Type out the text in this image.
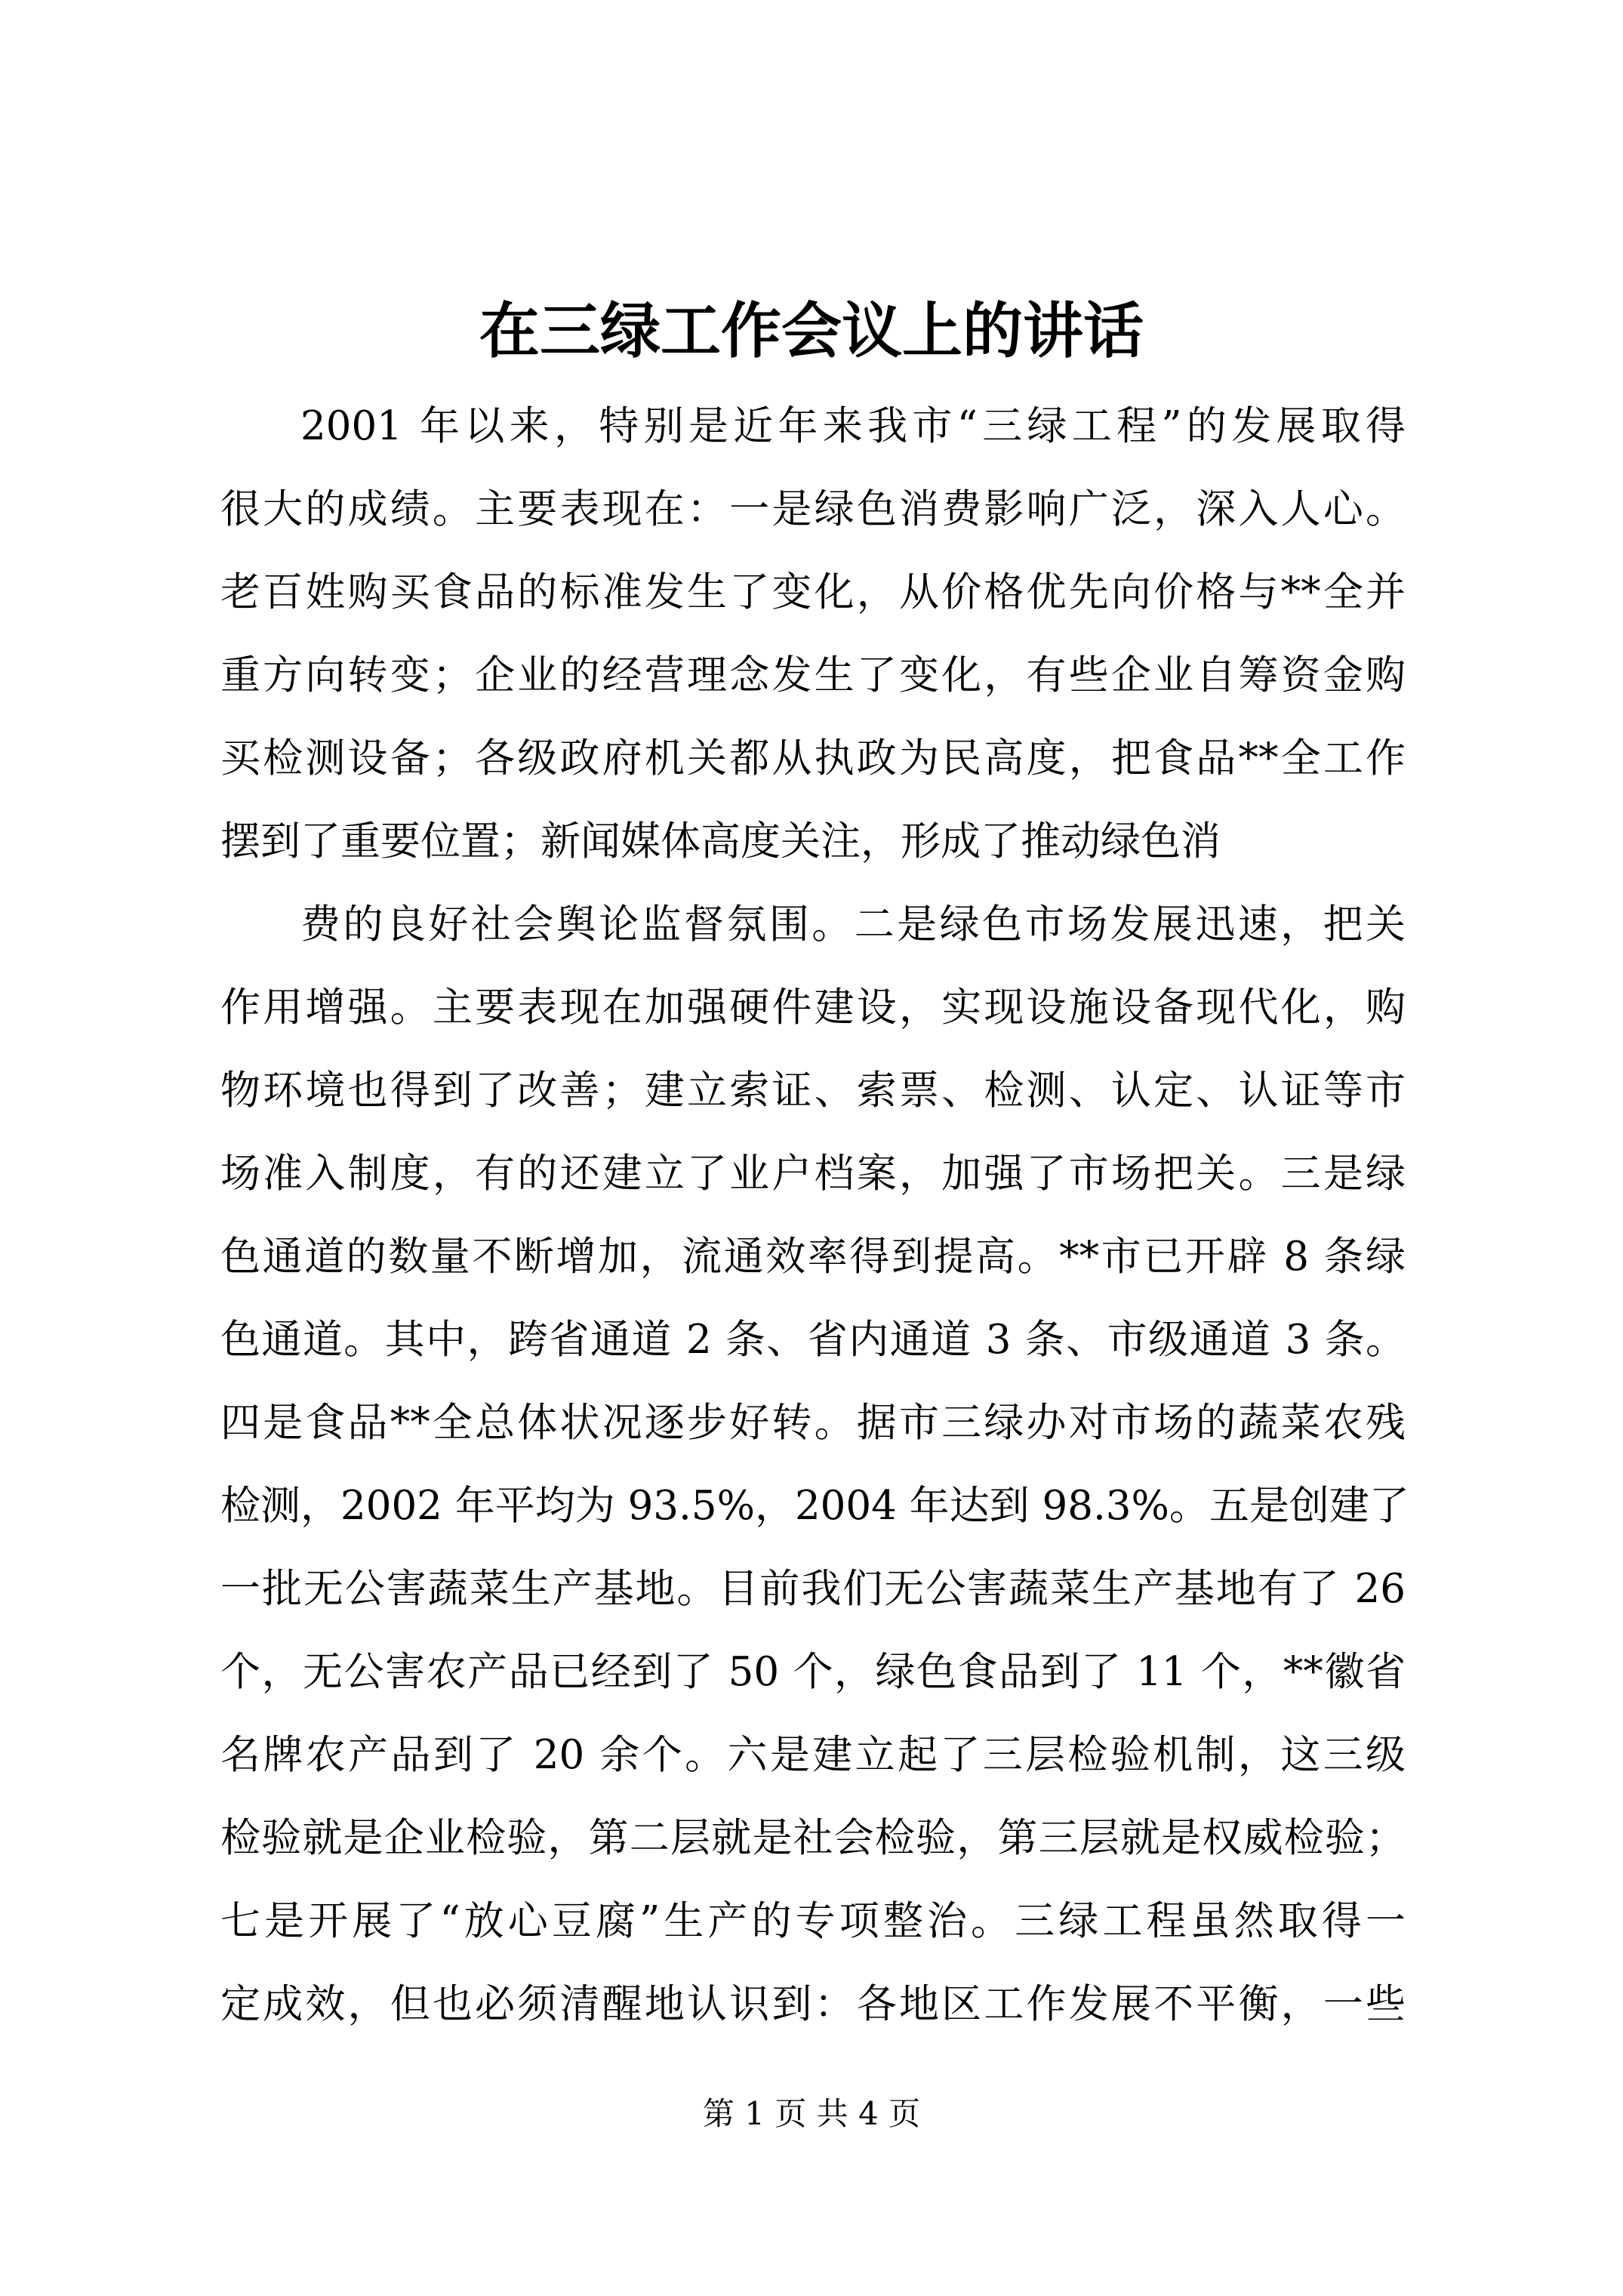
在三绿工作会议上的讲话
2001 年以来，特别是近年来我市“三绿工程”的发展取得
很大的成绩。主要表现在：一是绿色消费影响广泛，深入人心。
老百姓购买食品的标准发生了变化，从价格优先向价格与**全并
重方向转变；企业的经营理念发生了变化，有些企业自筹资金购
买检测设备；各级政府机关都从执政为民高度，把食品**全工作
摆到了重要位置；新闻媒体高度关注，形成了推动绿色消
费的良好社会舆论监督氛围。二是绿色市场发展迅速，把关
作用增强。主要表现在加强硬件建设，实现设施设备现代化，购
物环境也得到了改善；建立索证、索票、检测、认定、认证等市
场准入制度，有的还建立了业户档案，加强了市场把关。三是绿
色通道的数量不断增加，流通效率得到提高。**市已开辟 8 条绿
色通道。其中，跨省通道 2 条、省内通道 3 条、市级通道 3 条。
四是食品**全总体状况逐步好转。据市三绿办对市场的蔬菜农残
检测，2002 年平均为 93.5%，2004 年达到 98.3%。五是创建了
一批无公害蔬菜生产基地。目前我们无公害蔬菜生产基地有了 26
个，无公害农产品已经到了 50 个，绿色食品到了 11 个，**徽省
名牌农产品到了 20 余个。六是建立起了三层检验机制，这三级
检验就是企业检验，第二层就是社会检验，第三层就是权威检验；
七是开展了“放心豆腐”生产的专项整治。三绿工程虽然取得一
定成效，但也必须清醒地认识到：各地区工作发展不平衡，一些
第 1 页 共 4 页
